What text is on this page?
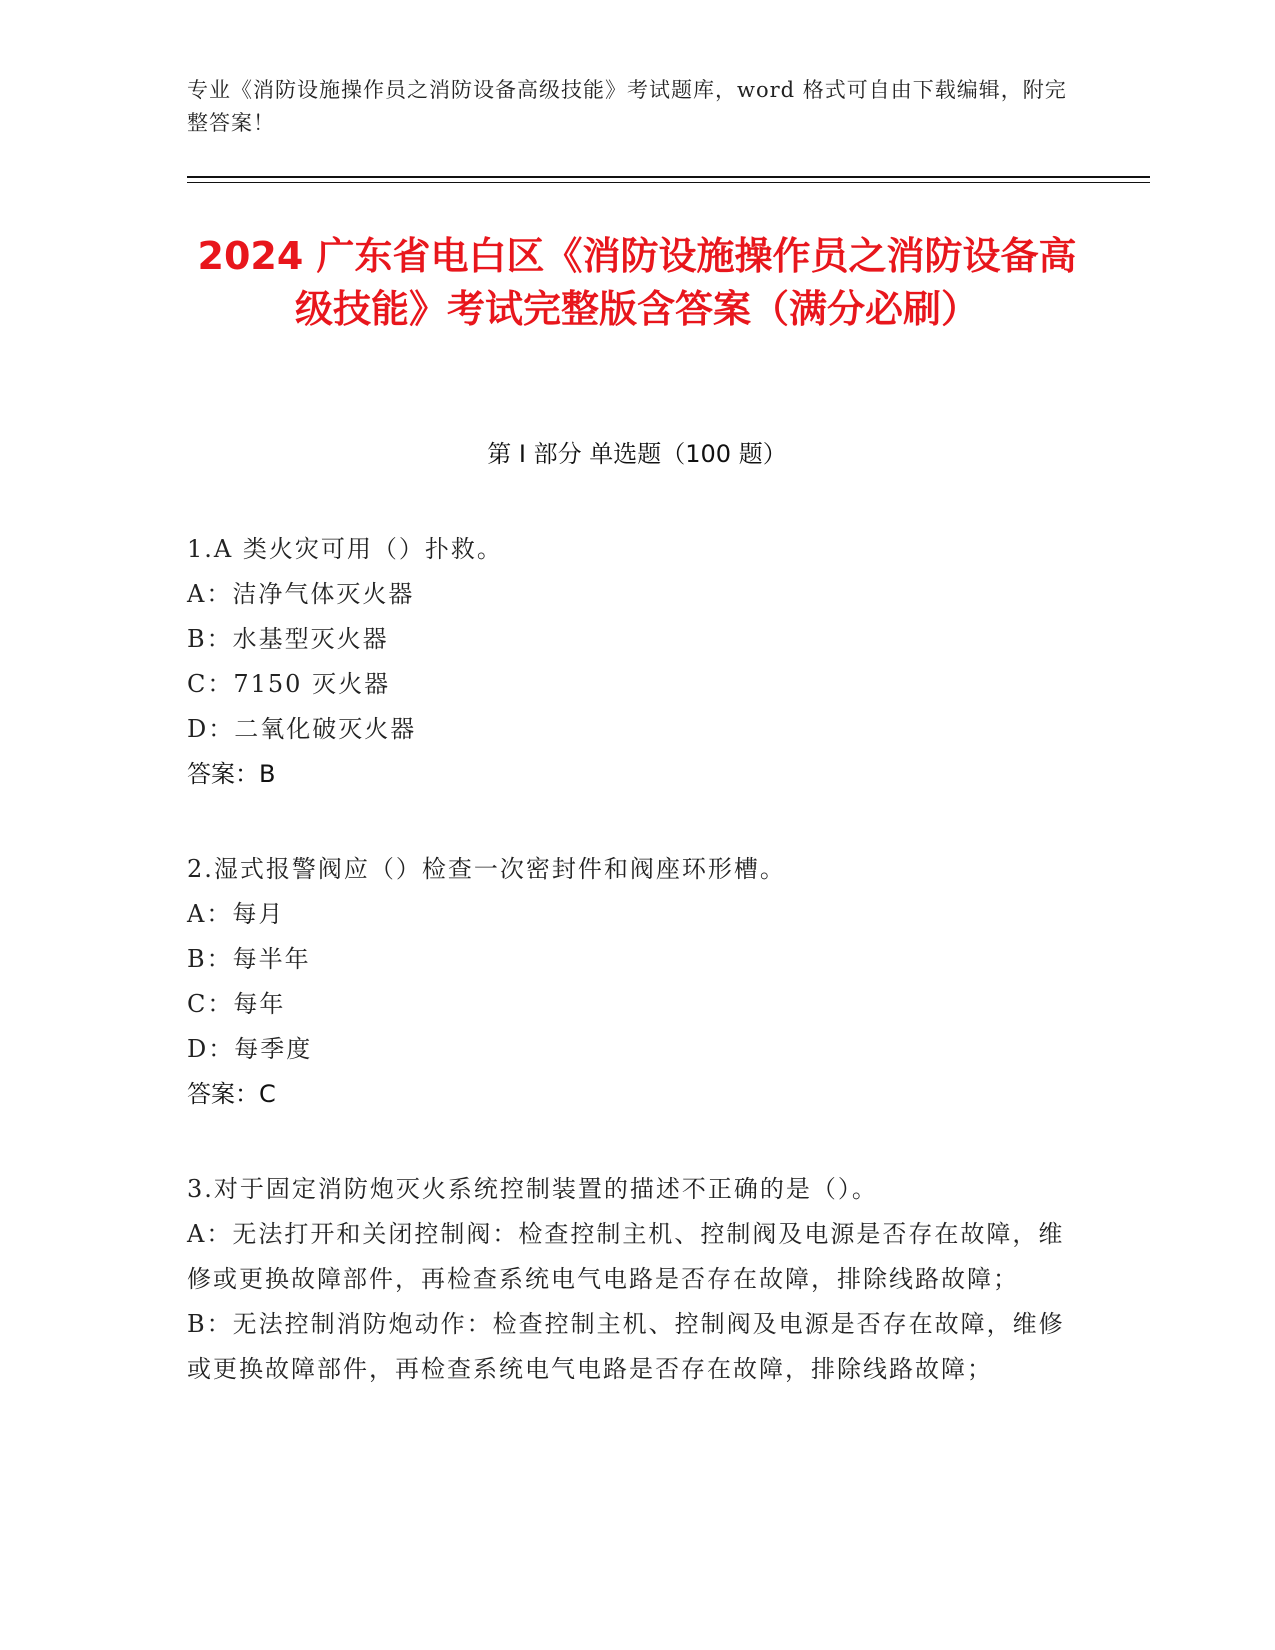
专业《消防设施操作员之消防设备高级技能》考试题库，word 格式可自由下载编辑，附完整答案！
2024 广东省电白区《消防设施操作员之消防设备高级技能》考试完整版含答案（满分必刷）
第 I 部分 单选题（100 题）
1.A 类火灾可用（）扑救。
A：洁净气体灭火器
B：水基型灭火器
C：7150 灭火器
D：二氧化破灭火器
答案：B
2.湿式报警阀应（）检查一次密封件和阀座环形槽。
A：每月
B：每半年
C：每年
D：每季度
答案：C
3.对于固定消防炮灭火系统控制装置的描述不正确的是（）。
A：无法打开和关闭控制阀：检查控制主机、控制阀及电源是否存在故障，维修或更换故障部件，再检查系统电气电路是否存在故障，排除线路故障；
B：无法控制消防炮动作：检查控制主机、控制阀及电源是否存在故障，维修或更换故障部件，再检查系统电气电路是否存在故障，排除线路故障；
